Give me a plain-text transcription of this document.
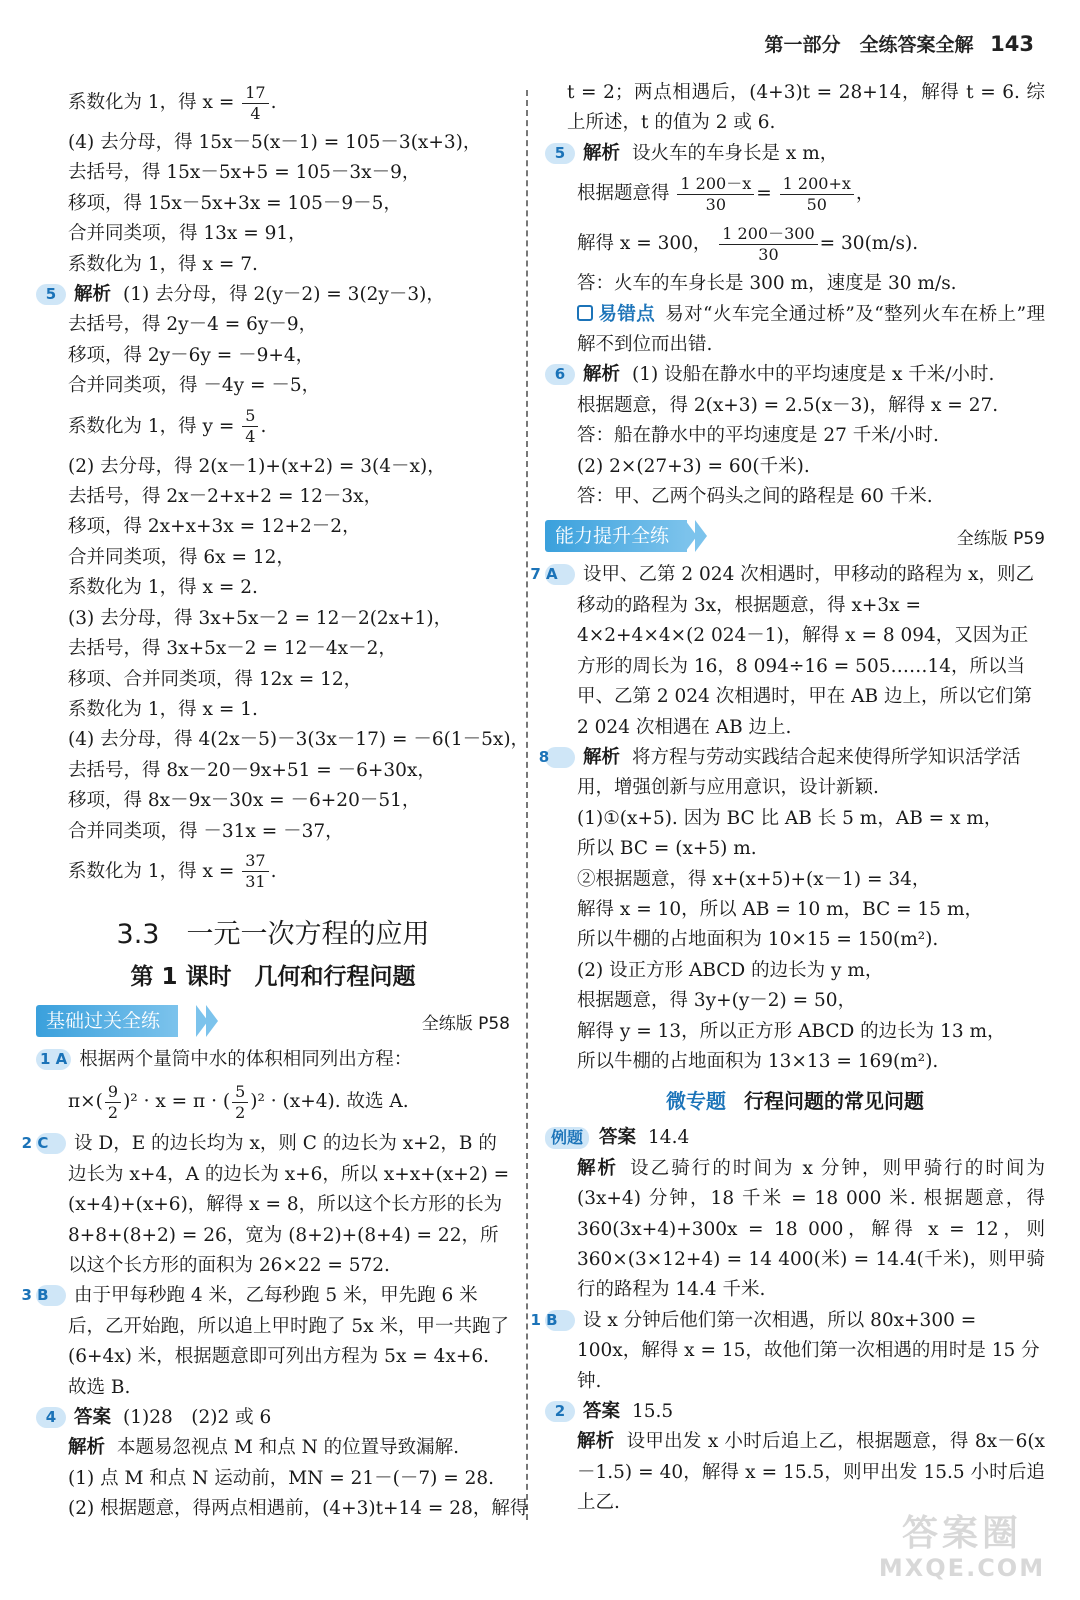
第一部分　全练答案全解 143
系数化为 1，得 $x = \frac{17}{4}$ .
(4) 去分母，得 15x－5(x－1) = 105－3(x+3)，
去括号，得 15x－5x+5 = 105－3x－9，
移项，得 15x－5x+3x = 105－9－5，
合并同类项，得 13x = 91，
系数化为 1，得 x = 7.
5 解析 (1) 去分母，得 2(y－2) = 3(2y－3)，
去括号，得 2y－4 = 6y－9，
移项，得 2y－6y = －9+4，
合并同类项，得 －4y = －5，
系数化为 1，得 $y = \frac{5}{4}$ .
(2) 去分母，得 2(x－1)+(x+2) = 3(4－x)，
去括号，得 2x－2+x+2 = 12－3x，
移项，得 2x+x+3x = 12+2－2，
合并同类项，得 6x = 12，
系数化为 1，得 x = 2.
(3) 去分母，得 3x+5x－2 = 12－2(2x+1)，
去括号，得 3x+5x－2 = 12－4x－2，
移项、合并同类项，得 12x = 12，
系数化为 1，得 x = 1.
(4) 去分母，得 4(2x－5)－3(3x－17) = －6(1－5x)，
去括号，得 8x－20－9x+51 = －6+30x，
移项，得 8x－9x－30x = －6+20－51，
合并同类项，得 －31x = －37，
系数化为 1，得 $x = \frac{37}{31}$ .
3.3　一元一次方程的应用
第 1 课时　几何和行程问题
基础过关全练	全练版 P58
1 A 根据两个量筒中水的体积相同列出方程：
$\pi\times( \frac{9}{2} )^2 \cdot x = \pi$ · ( $\frac{5}{2} )^2 \cdot (x+4)$. 故选 A.
2 C 设 D，E 的边长均为 x，则 C 的边长为 x+2，B 的边长为 x+4，A 的边长为 x+6，所以 x+x+(x+2) = (x+4)+(x+6)，解得 x = 8，所以这个长方形的长为 8+8+(8+2) = 26，宽为 (8+2)+(8+4) = 22，所以这个长方形的面积为 26×22 = 572.
3 B 由于甲每秒跑 4 米，乙每秒跑 5 米，甲先跑 6 米后，乙开始跑，所以追上甲时跑了 5x 米，甲一共跑了 (6+4x) 米，根据题意即可列出方程为 5x = 4x+6. 故选 B.
4 答案 (1)28　(2)2 或 6
解析 本题易忽视点 M 和点 N 的位置导致漏解.
(1) 点 M 和点 N 运动前，MN = 21－(－7) = 28.
(2) 根据题意，得两点相遇前，(4+3)t+14 = 28，解得
t = 2；两点相遇后，(4+3)t = 28+14，解得 t = 6. 综上所述，t 的值为 2 或 6.
5 解析 设火车的车身长是 x m，
根据题意得 $\frac{1 200-x}{30} = \frac{1 200+x}{50}$ ，
解得 x = 300， $\frac{1 200-300}{30} = 30(m/s)$.
答：火车的车身长是 300 m，速度是 30 m/s.
易错点 易对“火车完全通过桥”及“整列火车在桥上”理解不到位而出错.
6 解析 (1) 设船在静水中的平均速度是 x 千米/小时.
根据题意，得 2(x+3) = 2.5(x－3)，解得 x = 27.
答：船在静水中的平均速度是 27 千米/小时.
(2) 2×(27+3) = 60(千米).
答：甲、乙两个码头之间的路程是 60 千米.
能力提升全练	全练版 P59
7 A 设甲、乙第 2 024 次相遇时，甲移动的路程为 x，则乙移动的路程为 3x，根据题意，得 x+3x = 4×2+4×4×(2 024－1)，解得 x = 8 094，又因为正方形的周长为 16，8 094÷16 = 505……14，所以当甲、乙第 2 024 次相遇时，甲在 AB 边上，所以它们第 2 024 次相遇在 AB 边上.
8 解析 将方程与劳动实践结合起来使得所学知识活学活用，增强创新与应用意识，设计新颖.
(1)①(x+5). 因为 BC 比 AB 长 5 m，AB = x m，
所以 BC = (x+5) m.
②根据题意，得 x+(x+5)+(x－1) = 34，
解得 x = 10，所以 AB = 10 m，BC = 15 m，
所以牛棚的占地面积为 10×15 = 150(m²).
(2) 设正方形 ABCD 的边长为 y m，
根据题意，得 3y+(y－2) = 50，
解得 y = 13，所以正方形 ABCD 的边长为 13 m，
所以牛棚的占地面积为 13×13 = 169(m²).
微专题 行程问题的常见问题
例题 答案 14.4
解析 设乙骑行的时间为 x 分钟，则甲骑行的时间为 (3x+4) 分钟，18 千米 = 18 000 米. 根据题意，得 360(3x+4)+300x = 18 000，解得 x = 12，则 360×(3×12+4) = 14 400(米) = 14.4(千米)，则甲骑行的路程为 14.4 千米.
1 B 设 x 分钟后他们第一次相遇，所以 80x+300 = 100x，解得 x = 15，故他们第一次相遇的用时是 15 分钟.
2 答案 15.5
解析 设甲出发 x 小时后追上乙，根据题意，得 8x－6(x－1.5) = 40，解得 x = 15.5，则甲出发 15.5 小时后追上乙.
答案圈
MXQE.COM
